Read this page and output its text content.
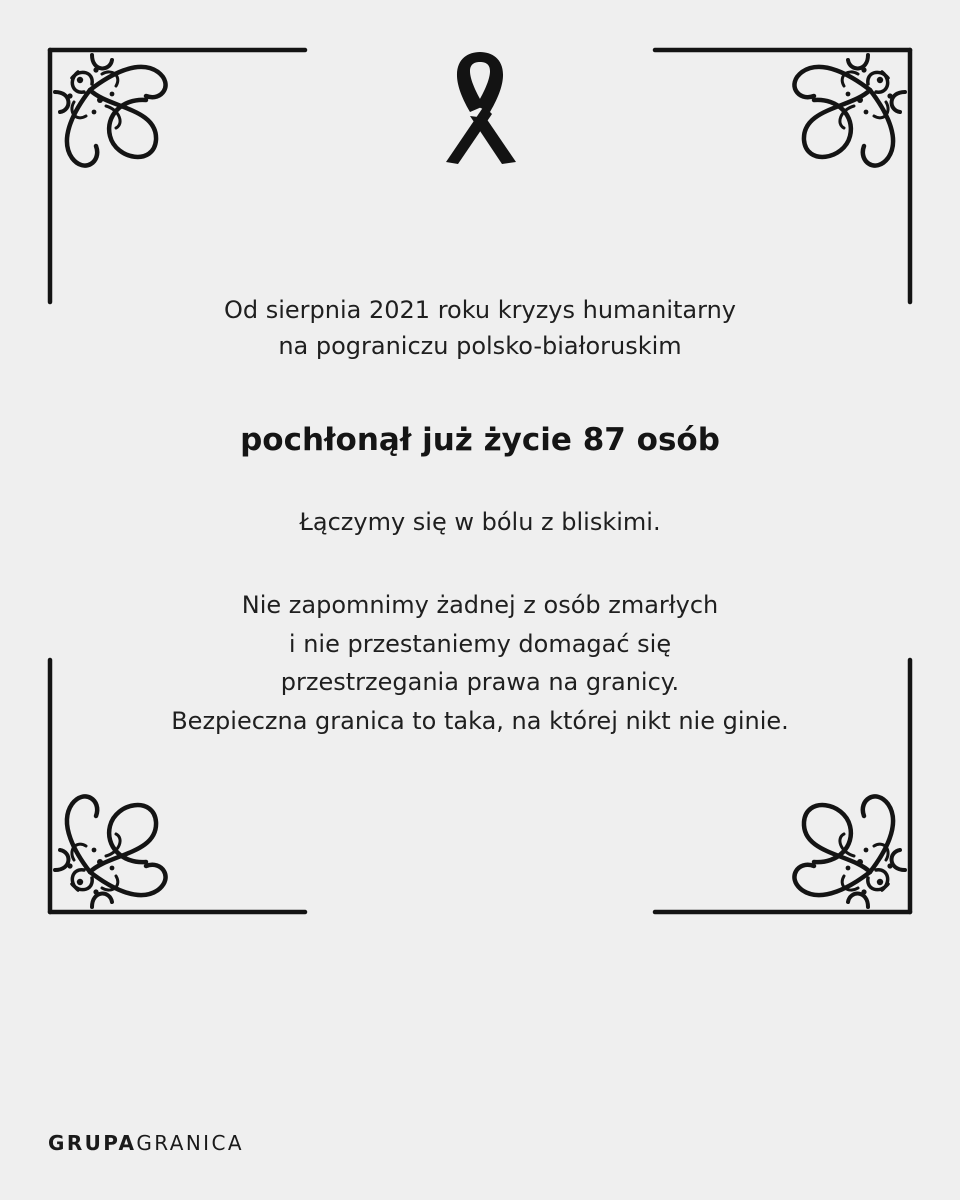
Od sierpnia 2021 roku kryzys humanitarny

na pograniczu polsko-białoruskim

pochłonął już życie 87 osób

Łączymy się w bólu z bliskimi.

Nie zapomnimy żadnej z osób zmarłych

i nie przestaniemy domagać się

przestrzegania prawa na granicy.

Bezpieczna granica to taka, na której nikt nie ginie.

GRUPAGRANICA
